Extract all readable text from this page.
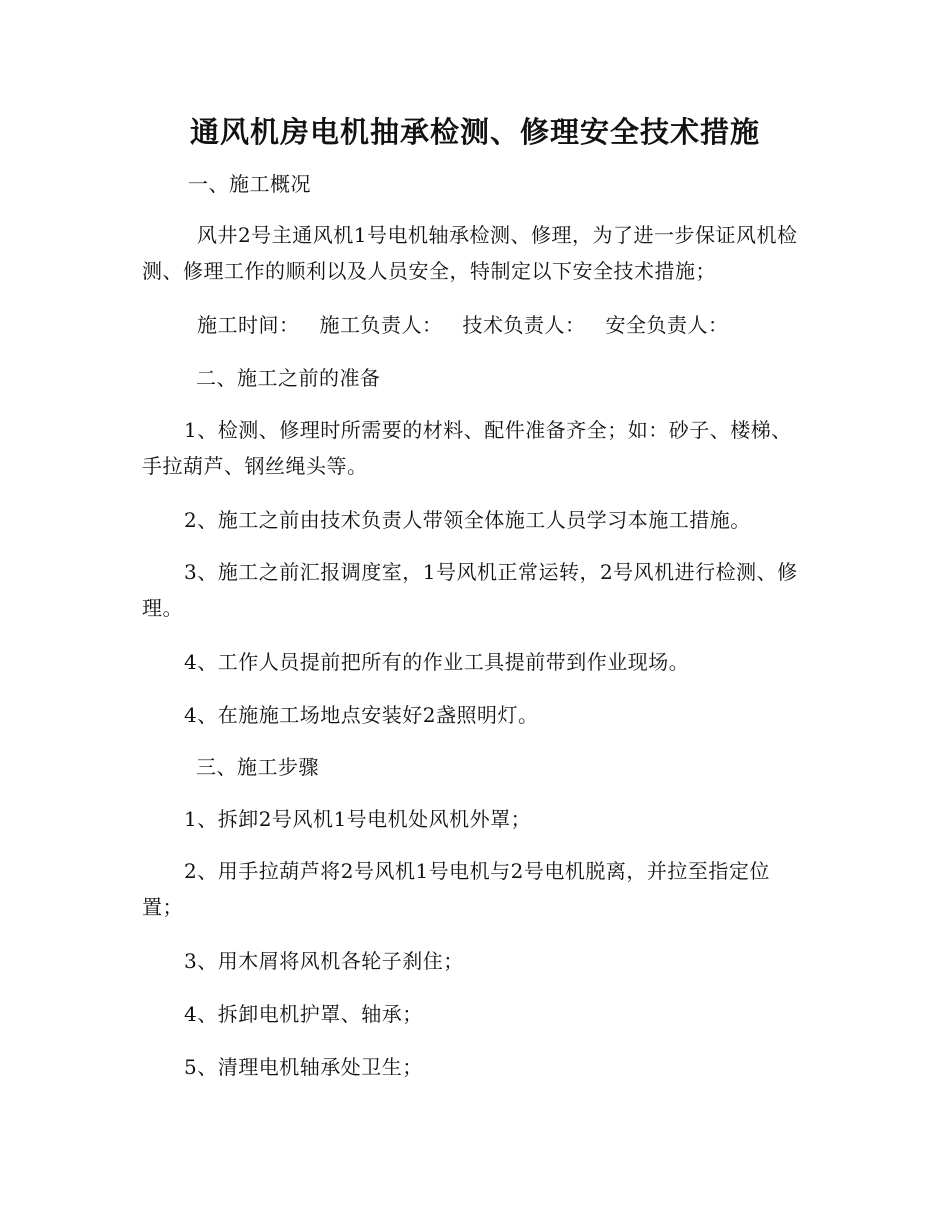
通风机房电机抽承检测、修理安全技术措施
一、施工概况
风井2号主通风机1号电机轴承检测、修理，为了进一步保证风机检测、修理工作的顺利以及人员安全，特制定以下安全技术措施；
施工时间： 施工负责人： 技术负责人： 安全负责人：
二、施工之前的准备
1、检测、修理时所需要的材料、配件准备齐全；如：砂子、楼梯、手拉葫芦、钢丝绳头等。
2、施工之前由技术负责人带领全体施工人员学习本施工措施。
3、施工之前汇报调度室，1号风机正常运转，2号风机进行检测、修理。
4、工作人员提前把所有的作业工具提前带到作业现场。
4、在施施工场地点安装好2盏照明灯。
三、施工步骤
1、拆卸2号风机1号电机处风机外罩；
2、用手拉葫芦将2号风机1号电机与2号电机脱离，并拉至指定位置；
3、用木屑将风机各轮子刹住；
4、拆卸电机护罩、轴承；
5、清理电机轴承处卫生；
